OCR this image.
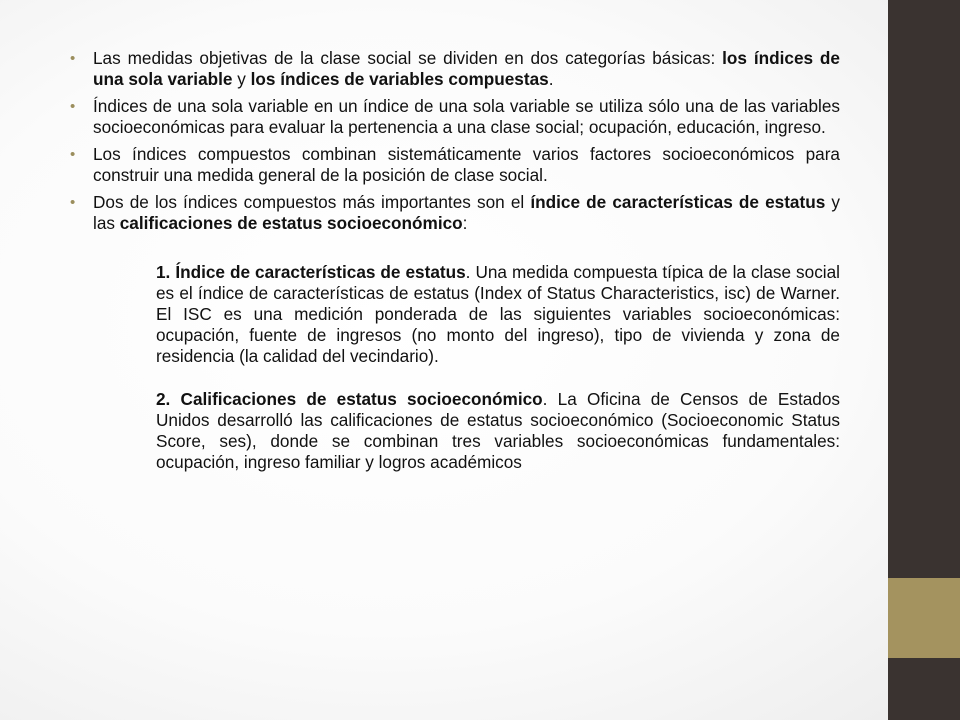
• Las medidas objetivas de la clase social se dividen en dos categorías básicas: los índices de una sola variable y los índices de variables compuestas.
• Índices de una sola variable en un índice de una sola variable se utiliza sólo una de las variables socioeconómicas para evaluar la pertenencia a una clase social; ocupación, educación, ingreso.
• Los índices compuestos combinan sistemáticamente varios factores socioeconómicos para construir una medida general de la posición de clase social.
• Dos de los índices compuestos más importantes son el índice de características de estatus y las calificaciones de estatus socioeconómico:

1. Índice de características de estatus. Una medida compuesta típica de la clase social es el índice de características de estatus (Index of Status Characteristics, isc) de Warner. El ISC es una medición ponderada de las siguientes variables socioeconómicas: ocupación, fuente de ingresos (no monto del ingreso), tipo de vivienda y zona de residencia (la calidad del vecindario).

2. Calificaciones de estatus socioeconómico. La Oficina de Censos de Estados Unidos desarrolló las calificaciones de estatus socioeconómico (Socioeconomic Status Score, ses), donde se combinan tres variables socioeconómicas fundamentales: ocupación, ingreso familiar y logros académicos
